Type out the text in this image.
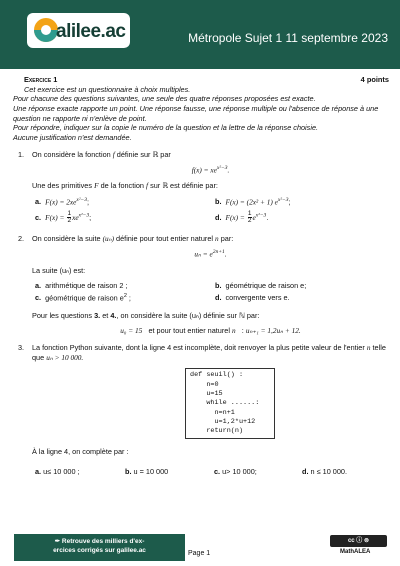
alilee.ac	Métropole Sujet 1 11 septembre 2023
Exercice 1	4 points

Cet exercice est un questionnaire à choix multiples.

Pour chacune des questions suivantes, une seule des quatre réponses proposées est exacte.

Une réponse exacte rapporte un point. Une réponse fausse, une réponse multiple ou l'absence de réponse à une question ne rapporte ni n'enlève de point.

Pour répondre, indiquer sur la copie le numéro de la question et la lettre de la réponse choisie.

Aucune justification n'est demandée.

1. On considère la fonction f définie sur ℝ par

$f(x) = xe^{x^2-3}$.

Une des primitives F de la fonction f sur ℝ est définie par:

a. $F(x) = 2xe^{x^2-3}$;	b. F(x) = (2x² + 1) $e^{x^2-3}$;
c. $F(x) = \frac{1}{2} xe^{x^2-3}$;	d. $F(x) = \frac{1}{2} e^{x^2-3}$.
2. On considère la suite (uₙ) définie pour tout entier naturel n par:

$u_n = e^{2n+1}$.

La suite (uₙ) est:

a. arithmétique de raison 2 ;	b. géométrique de raison e;
c. géométrique de raison $e^2$ ;	d. convergente vers e.

Pour les questions 3. et 4., on considère la suite (uₙ) définie sur ℕ par:

u₀ = 15 et pour tout entier naturel n : uₙ₊₁ = 1,2uₙ + 12.

3. La fonction Python suivante, dont la ligne 4 est incomplète, doit renvoyer la plus petite valeur de l'entier n telle que uₙ > 10 000.

def seuil() :
n=0
u=15
while ......:
n=n+1
u=1,2*u+12
return(n)

À la ligne 4, on complète par :

a. u≤ 10 000 ;	b. u = 10 000	c. u> 10 000;	d. n ≤ 10 000.
✒ Retrouve des milliers d'ex-
ercices corrigés sur galilee.ac	Page 1
cc ⓘ ⊜
MathALEA
